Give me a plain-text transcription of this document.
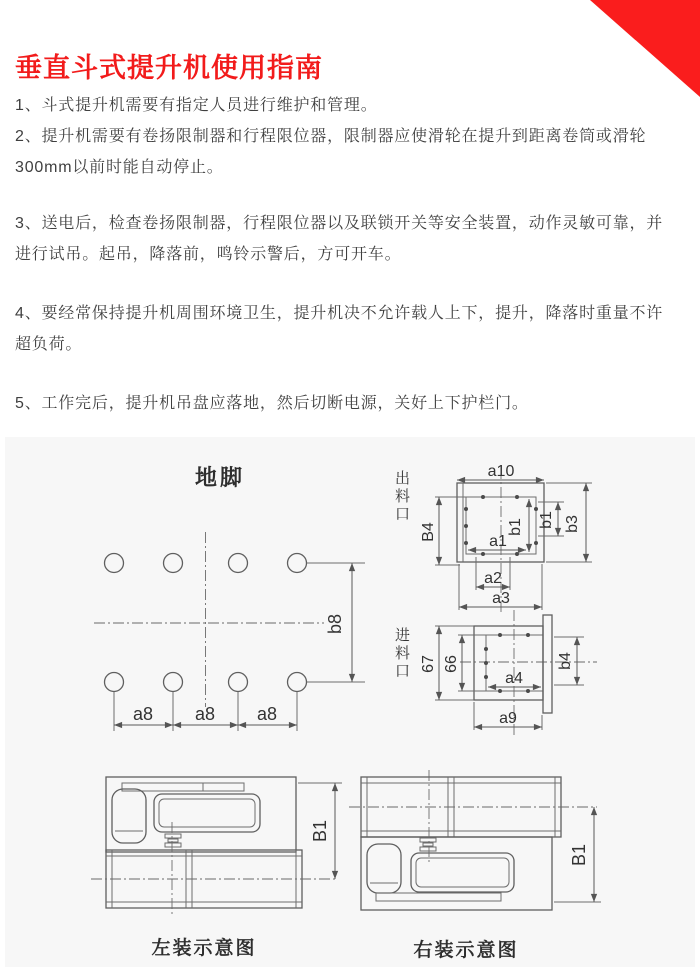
垂直斗式提升机使用指南

1、斗式提升机需要有指定人员进行维护和管理。

2、提升机需要有卷扬限制器和行程限位器，限制器应使滑轮在提升到距离卷筒或滑轮300mm以前时能自动停止。

3、送电后，检查卷扬限制器，行程限位器以及联锁开关等安全装置，动作灵敏可靠，并进行试吊。起吊，降落前，鸣铃示警后，方可开车。

4、要经常保持提升机周围环境卫生，提升机决不允许载人上下，提升，降落时重量不许超负荷。

5、工作完后，提升机吊盘应落地，然后切断电源，关好上下护栏门。

a8 a8 a8
b8
a10
b1
a1
B4
b1 b3
a2
a3
67 66
a4
b4
a9
B1
B1
地脚	出料口
进料口
左装示意图	右装示意图
